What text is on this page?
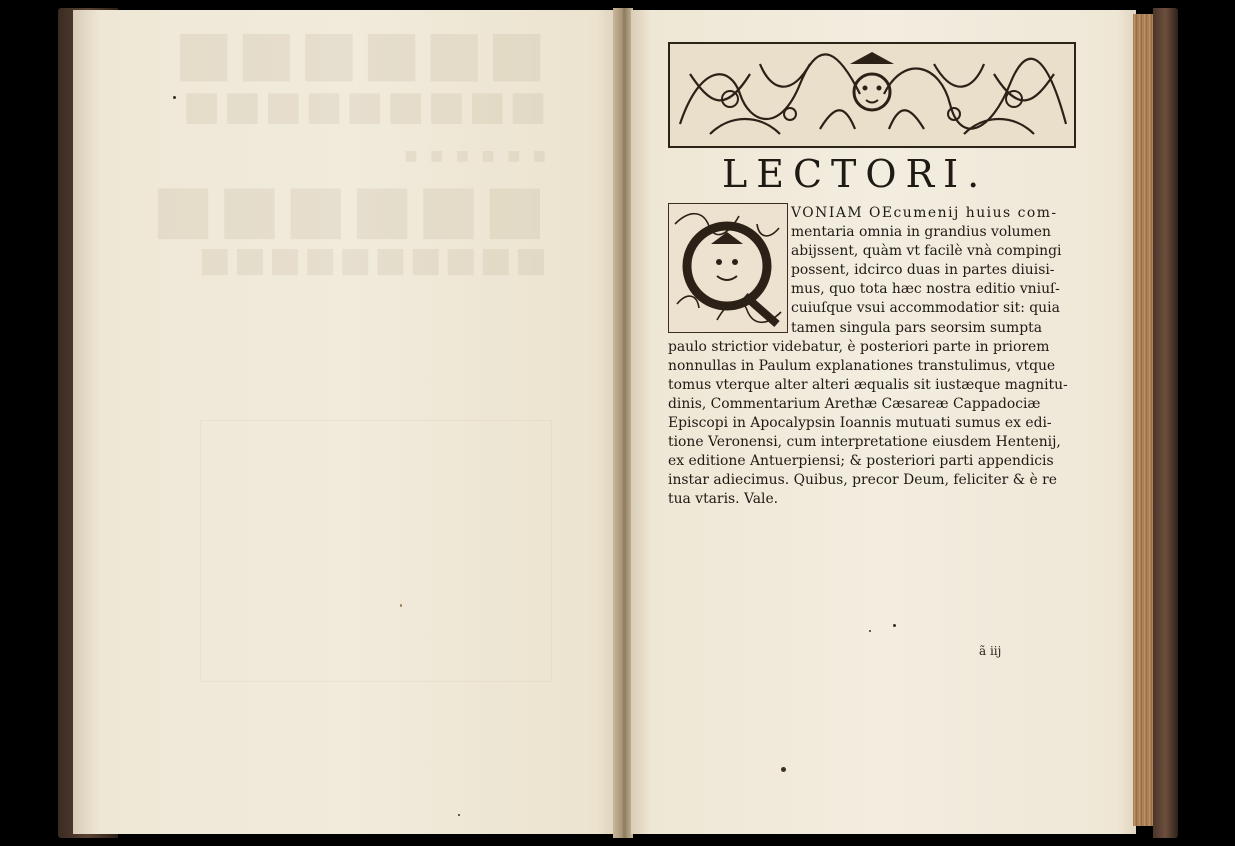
LECTORI.
Q
VONIAM OEcumenij huius com-
mentaria omnia in grandius volumen
abijssent, quàm vt facilè vnà compingi
possent, idcirco duas in partes diuisi-
mus, quo tota hæc nostra editio vniuſ-
cuiuſque vsui accommodatior sit: quia
tamen singula pars seorsim sumpta
paulo strictior videbatur, è posteriori parte in priorem
nonnullas in Paulum explanationes transtulimus, vtque
tomus vterque alter alteri æqualis sit iustæque magnitu-
dinis, Commentarium Arethæ Cæsareæ Cappadociæ
Episcopi in Apocalypsin Ioannis mutuati sumus ex edi-
tione Veronensi, cum interpretatione eiusdem Hentenij,
ex editione Antuerpiensi; & posteriori parti appendicis
instar adiecimus. Quibus, precor Deum, feliciter & è re
tua vtaris. Vale.
ã iij
